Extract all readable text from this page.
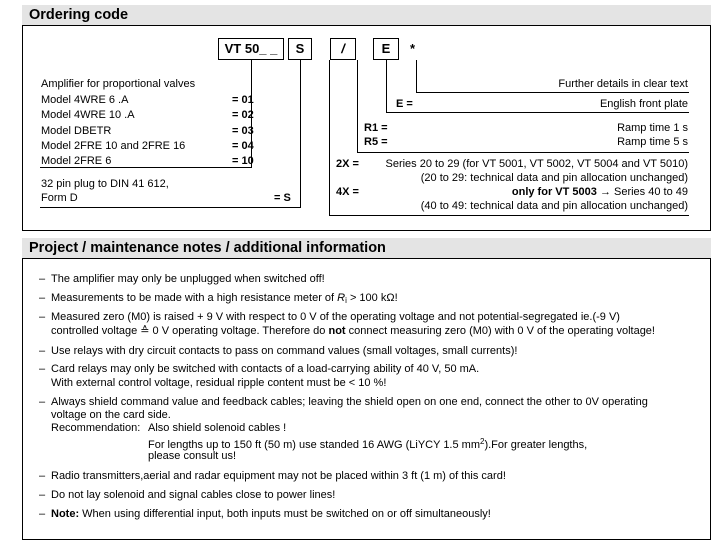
Ordering code
VT 50_ _	S	/	E	*
Amplifier for proportional valves
Model 4WRE 6 .A	= 01
Model 4WRE 10 .A	= 02
Model DBETR	= 03
Model 2FRE 10 and 2FRE 16	= 04
Model 2FRE 6	= 10
32 pin plug to DIN 41 612,
Form D	= S
Further details in clear text
E =	English front plate
R1 =	Ramp time 1 s
R5 =	Ramp time 5 s
2X = Series 20 to 29 (for VT 5001, VT 5002, VT 5004 and VT 5010)
(20 to 29: technical data and pin allocation unchanged)
4X =	only for VT 5003 → Series 40 to 49
(40 to 49: technical data and pin allocation unchanged)
Project / maintenance notes / additional information
– The amplifier may only be unplugged when switched off!
– Measurements to be made with a high resistance meter of $R_i > 100$ kΩ!
– Measured zero (M0) is raised + 9 V with respect to 0 V of the operating voltage and not potential-segregated ie.(-9 V)
controlled voltage ≙ 0 V operating voltage. Therefore do not connect measuring zero (M0) with 0 V of the operating voltage!
– Use relays with dry circuit contacts to pass on command values (small voltages, small currents)!
– Card relays may only be switched with contacts of a load-carrying ability of 40 V, 50 mA.
With external control voltage, residual ripple content must be < 10 %!
– Always shield command value and feedback cables; leaving the shield open on one end, connect the other to 0V operating
voltage on the card side.
Recommendation: Also shield solenoid cables !
For lengths up to 150 ft (50 m) use standed 16 AWG (LiYCY 1.5 $mm^2).For$ greater lengths,
please consult us!
– Radio transmitters,aerial and radar equipment may not be placed within 3 ft (1 m) of this card!
– Do not lay solenoid and signal cables close to power lines!
– Note: When using differential input, both inputs must be switched on or off simultaneously!
